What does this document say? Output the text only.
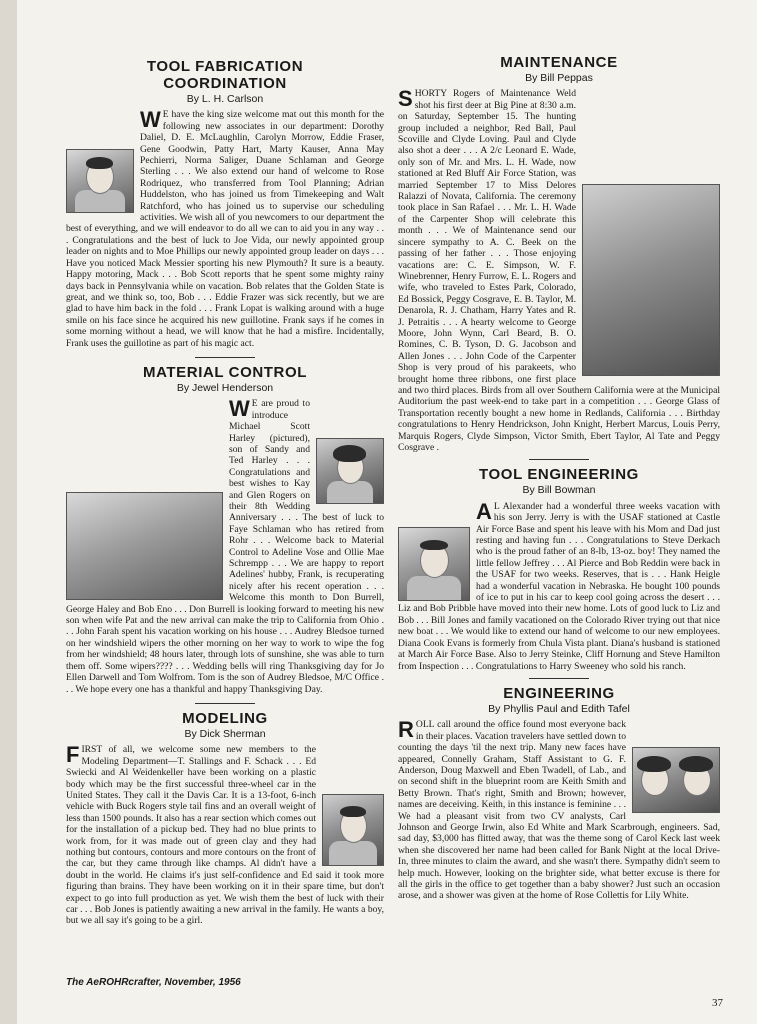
TOOL FABRICATION COORDINATION
By L. H. Carlson

W E have the king size welcome mat out this month for the following new associates in our department: Dorothy Daliel, D. E. McLaughlin, Carolyn Morrow, Eddie Fraser, Gene Goodwin, Patty Hart, Marty Kauser, Anna May Pechierri, Norma Saliger, Duane Schlaman and George Sterling . . . We also extend our hand of welcome to Rose Rodriquez, who transferred from Tool Planning; Adrian Huddelston, who has joined us from Timekeeping and Walt Ratchford, who has joined us to supervise our scheduling activities. We wish all of you newcomers to our department the best of everything, and we will endeavor to do all we can to aid you in any way . . . Congratulations and the best of luck to Joe Vida, our newly appointed group leader on nights and to Moe Phillips our newly appointed group leader on days . . . Have you noticed Mack Messier sporting his new Plymouth? It sure is a beauty. Happy motoring, Mack . . . Bob Scott reports that he spent some mighty rainy days back in Pennsylvania while on vacation. Bob relates that the Golden State is great, and we think so, too, Bob . . . Eddie Frazer was sick recently, but we are glad to have him back in the fold . . . Frank Lopat is walking around with a huge smile on his face since he acquired his new guillotine. Frank says if he comes in some morning without a head, we will know that he had a misfire. Incidentally, Frank uses the guillotine as part of his magic act.

MATERIAL CONTROL
By Jewel Henderson

W E are proud to introduce Michael Scott Harley (pictured), son of Sandy and Ted Harley . . . Congratulations and best wishes to Kay and Glen Rogers on their 8th Wedding Anniversary . . . The best of luck to Faye Schlaman who has retired from Rohr . . . Welcome back to Material Control to Adeline Vose and Ollie Mae Schrempp . . . We are happy to report Adelines' hubby, Frank, is recuperating nicely after his recent operation . . . Welcome this month to Don Burrell, George Haley and Bob Eno . . . Don Burrell is looking forward to meeting his new son when wife Pat and the new arrival can make the trip to California from Ohio . . . John Farah spent his vacation working on his house . . . Audrey Bledsoe turned on her windshield wipers the other morning on her way to work to wipe the fog from her windshield; 48 hours later, through lots of sunshine, she was able to turn them off. Some wipers???? . . . Wedding bells will ring Thanksgiving day for Jo Ellen Darwell and Tom Wolfrom. Tom is the son of Audrey Bledsoe, M/C Office . . . We hope every one has a thankful and happy Thanksgiving Day.

MODELING
By Dick Sherman

FIRST of all, we welcome some new members to the Modeling Department—T. Stallings and F. Schack . . . Ed Swiecki and Al Weidenkeller have been working on a plastic body which may be the first successful three-wheel car in the United States. They call it the Davis Car. It is a 13-foot, 6-inch vehicle with Buck Rogers style tail fins and an overall weight of less than 1500 pounds. It also has a rear section which comes out for the installation of a pickup bed. They had no blue prints to work from, for it was made out of green clay and they had nothing but contours, contours and more contours on the front of the car, but they came through like champs. Al didn't have a doubt in the world. He claims it's just self-confidence and Ed said it took more figuring than brains. They have been working on it in their spare time, but don't expect to go into full production as yet. We wish them the best of luck with their car . . . Bob Jones is patiently awaiting a new arrival in the family. He wants a boy, but we all say it's going to be a girl.

MAINTENANCE
By Bill Peppas

SHORTY Rogers of Maintenance Weld shot his first deer at Big Pine at 8:30 a.m. on Saturday, September 15. The hunting group included a neighbor, Red Ball, Paul Scoville and Clyde Loving. Paul and Clyde also shot a deer . . . A 2/c Leonard E. Wade, only son of Mr. and Mrs. L. H. Wade, now stationed at Red Bluff Air Force Station, was married September 17 to Miss Delores Ralazzi of Novata, California. The ceremony took place in San Rafael . . . Mr. L. H. Wade of the Carpenter Shop will celebrate this month . . . We of Maintenance send our sincere sympathy to A. C. Beek on the passing of her father . . . Those enjoying vacations are: C. E. Simpson, W. F. Winebrenner, Henry Furrow, E. L. Rogers and wife, who traveled to Estes Park, Colorado, Ed Bossick, Peggy Cosgrave, E. B. Taylor, M. Denarola, R. J. Chatham, Harry Yates and R. J. Petraitis . . . A hearty welcome to George Moore, John Wynn, Carl Beard, B. O. Romines, C. B. Tyson, D. G. Jacobson and Allen Jones . . . John Code of the Carpenter Shop is very proud of his parakeets, who brought home three ribbons, one first place and two third places. Birds from all over Southern California were at the Municipal Auditorium the past week-end to take part in a competition . . . George Glass of Transportation recently bought a new home in Redlands, California . . . Birthday congratulations to Henry Hendrickson, John Knight, Herbert Marcus, Louis Perry, Marquis Rogers, Clyde Simpson, Victor Smith, Ebert Taylor, Al Tate and Peggy Cosgrave .

TOOL ENGINEERING
By Bill Bowman

A L Alexander had a wonderful three weeks vacation with his son Jerry. Jerry is with the USAF stationed at Castle Air Force Base and spent his leave with his Mom and Dad just resting and having fun . . . Congratulations to Steve Derkach who is the proud father of an 8-lb, 13-oz. boy! They named the little fellow Jeffrey . . . Al Pierce and Bob Reddin were back in the USAF for two weeks. Reserves, that is . . . Hank Heigle had a wonderful vacation in Nebraska. He bought 100 pounds of ice to put in his car to keep cool going across the desert . . . Liz and Bob Pribble have moved into their new home. Lots of good luck to Liz and Bob . . . Bill Jones and family vacationed on the Colorado River trying out that nice new boat . . . We would like to extend our hand of welcome to our new employees. Diana Cook Evans is formerly from Chula Vista plant. Diana's husband is stationed at March Air Force Base. Also to Jerry Steinke, Cliff Hornung and Steve Hamilton from Inspection . . . Congratulations to Harry Sweeney who sold his ranch.

ENGINEERING
By Phyllis Paul and Edith Tafel

ROLL call around the office found most everyone back in their places. Vacation travelers have settled down to counting the days 'til the next trip. Many new faces have appeared, Connelly Graham, Staff Assistant to G. F. Anderson, Doug Maxwell and Eben Twadell, of Lab., and on second shift in the blueprint room are Keith Smith and Betty Brown. That's right, Smith and Brown; however, names are deceiving. Keith, in this instance is feminine . . . We had a pleasant visit from two CV analysts, Carl Johnson and George Irwin, also Ed White and Mark Scarbrough, engineers. Sad, sad day, $3,000 has flitted away, that was the theme song of Carol Keck last week when she discovered her name had been called for Bank Night at the local Drive-In, three minutes to claim the award, and she wasn't there. Sympathy didn't seem to help much. However, looking on the brighter side, what better excuse is there for all the girls in the office to get together than a baby shower? Just such an occasion arose, and a shower was given at the home of Rose Collettis for Lily White.

The AeROHRcrafter, November, 1956
37
